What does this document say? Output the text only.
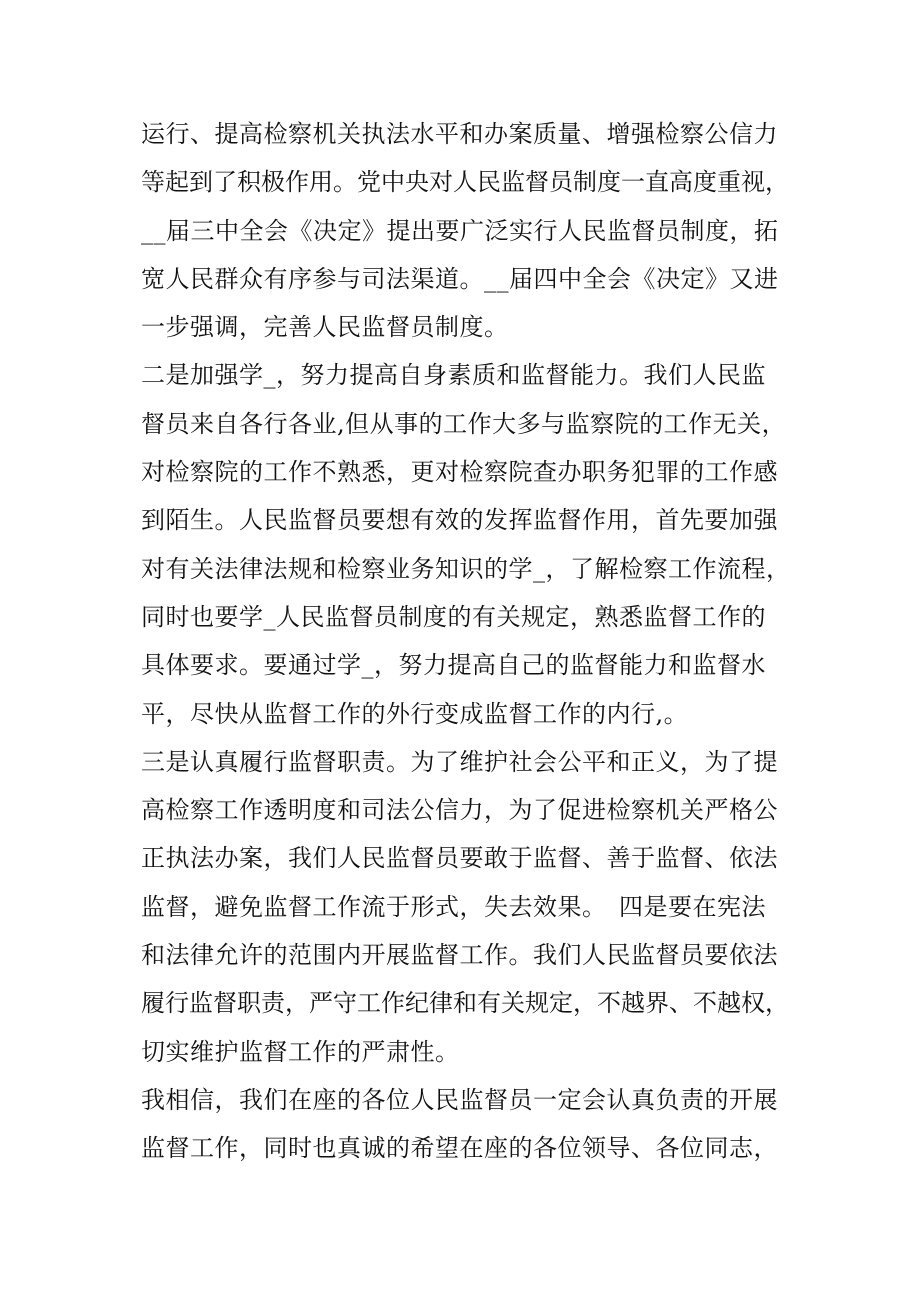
运行、提高检察机关执法水平和办案质量、增强检察公信力
等起到了积极作用。党中央对人民监督员制度一直高度重视，
__届三中全会《决定》提出要广泛实行人民监督员制度，拓
宽人民群众有序参与司法渠道。__届四中全会《决定》又进
一步强调，完善人民监督员制度。
二是加强学_，努力提高自身素质和监督能力。我们人民监
督员来自各行各业,但从事的工作大多与监察院的工作无关，
对检察院的工作不熟悉，更对检察院查办职务犯罪的工作感
到陌生。人民监督员要想有效的发挥监督作用，首先要加强
对有关法律法规和检察业务知识的学_，了解检察工作流程，
同时也要学_人民监督员制度的有关规定，熟悉监督工作的
具体要求。要通过学_，努力提高自己的监督能力和监督水
平，尽快从监督工作的外行变成监督工作的内行,。
三是认真履行监督职责。为了维护社会公平和正义，为了提
高检察工作透明度和司法公信力，为了促进检察机关严格公
正执法办案，我们人民监督员要敢于监督、善于监督、依法
监督，避免监督工作流于形式，失去效果。　四是要在宪法
和法律允许的范围内开展监督工作。我们人民监督员要依法
履行监督职责，严守工作纪律和有关规定，不越界、不越权，
切实维护监督工作的严肃性。
我相信，我们在座的各位人民监督员一定会认真负责的开展
监督工作，同时也真诚的希望在座的各位领导、各位同志，
